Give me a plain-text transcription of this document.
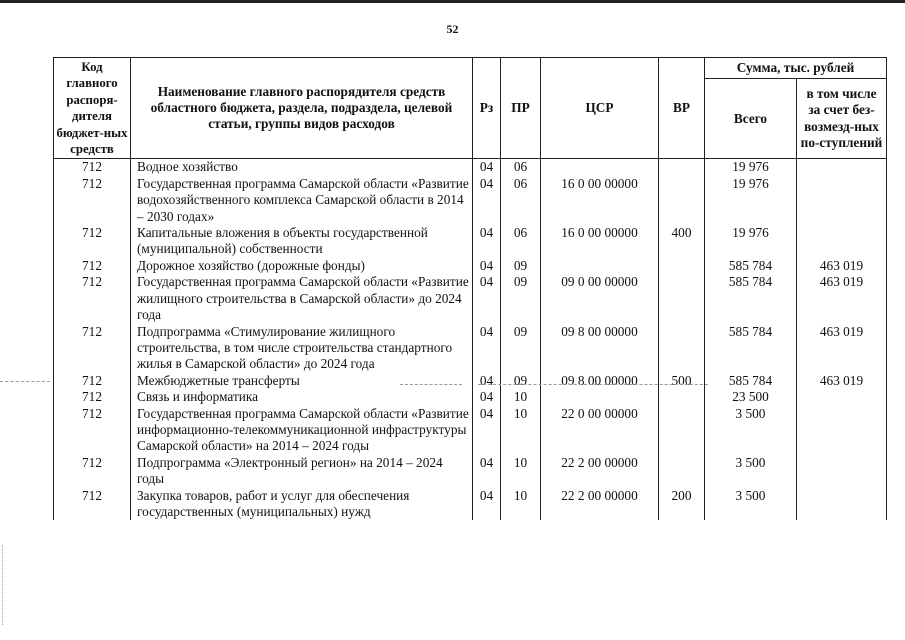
52
Код главного распоря-дителя бюджет-ных средств	Наименование главного распорядителя средств областного бюджета, раздела, подраздела, целевой статьи, группы видов расходов	Рз	ПР	ЦСР	ВР	Сумма, тыс. рублей	
						Всего	в том числе за счет без-возмезд-ных по-ступлений
712	Водное хозяйство	04	06			19 976	
712	Государственная программа Самарской области «Развитие водохозяйственного комплекса Самарской области в 2014 – 2030 годах»	04	06	16 0 00 00000		19 976	
712	Капитальные вложения в объекты государственной (муниципальной) собственности	04	06	16 0 00 00000	400	19 976	
712	Дорожное хозяйство (дорожные фонды)	04	09			585 784	463 019
712	Государственная программа Самарской области «Развитие жилищного строительства в Самарской области» до 2024 года	04	09	09 0 00 00000		585 784	463 019
712	Подпрограмма «Стимулирование жилищного строительства, в том числе строительства стандартного жилья в Самарской области» до 2024 года	04	09	09 8 00 00000		585 784	463 019
712	Межбюджетные трансферты	04	09	09 8 00 00000	500	585 784	463 019
712	Связь и информатика	04	10			23 500	
712	Государственная программа Самарской области «Развитие информационно-телекоммуникационной инфраструктуры Самарской области» на 2014 – 2024 годы	04	10	22 0 00 00000		3 500	
712	Подпрограмма «Электронный регион» на 2014 – 2024 годы	04	10	22 2 00 00000		3 500	
712	Закупка товаров, работ и услуг для обеспечения государственных (муниципальных) нужд	04	10	22 2 00 00000	200	3 500	
